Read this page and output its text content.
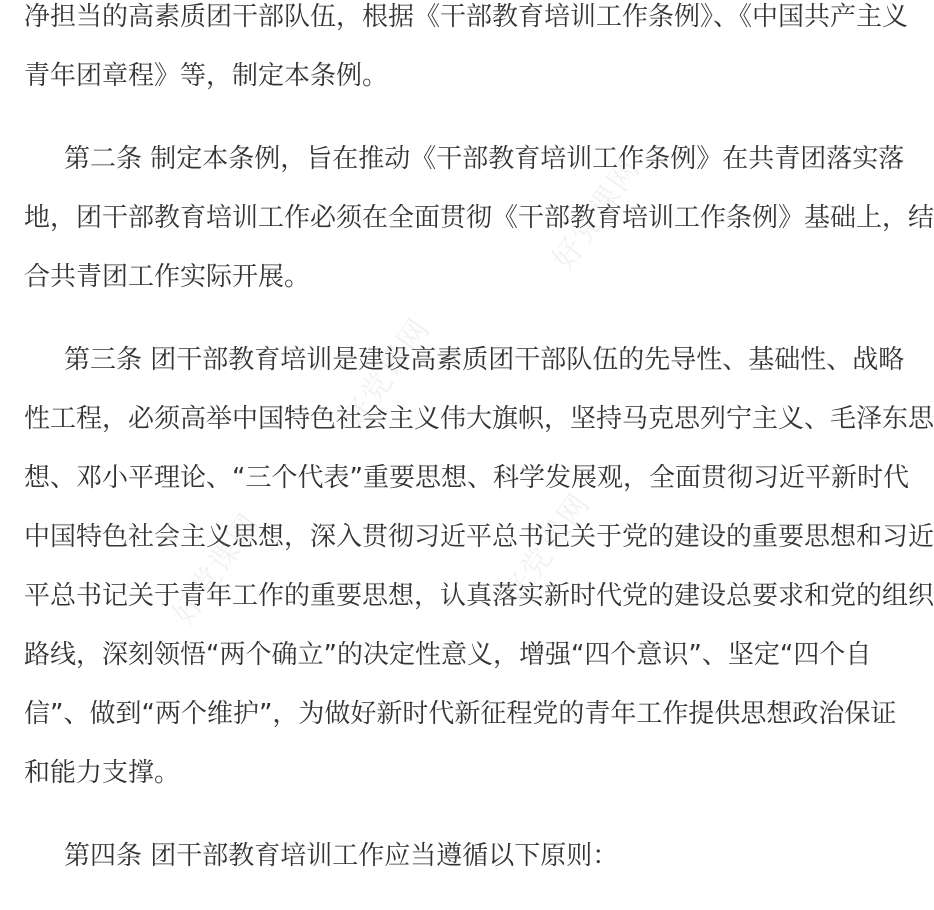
净担当的高素质团干部队伍，根据《干部教育培训工作条例》、《中国共产主义
青年团章程》等，制定本条例。
第二条 制定本条例，旨在推动《干部教育培训工作条例》在共青团落实落
地，团干部教育培训工作必须在全面贯彻《干部教育培训工作条例》基础上，结
合共青团工作实际开展。
第三条 团干部教育培训是建设高素质团干部队伍的先导性、基础性、战略
性工程，必须高举中国特色社会主义伟大旗帜，坚持马克思列宁主义、毛泽东思
想、邓小平理论、“三个代表”重要思想、科学发展观，全面贯彻习近平新时代
中国特色社会主义思想，深入贯彻习近平总书记关于党的建设的重要思想和习近
平总书记关于青年工作的重要思想，认真落实新时代党的建设总要求和党的组织
路线，深刻领悟“两个确立”的决定性意义，增强“四个意识”、坚定“四个自
信”、做到“两个维护”，为做好新时代新征程党的青年工作提供思想政治保证
和能力支撑。
第四条 团干部教育培训工作应当遵循以下原则：
好党课网
好党课网
好党课网	好党课网
